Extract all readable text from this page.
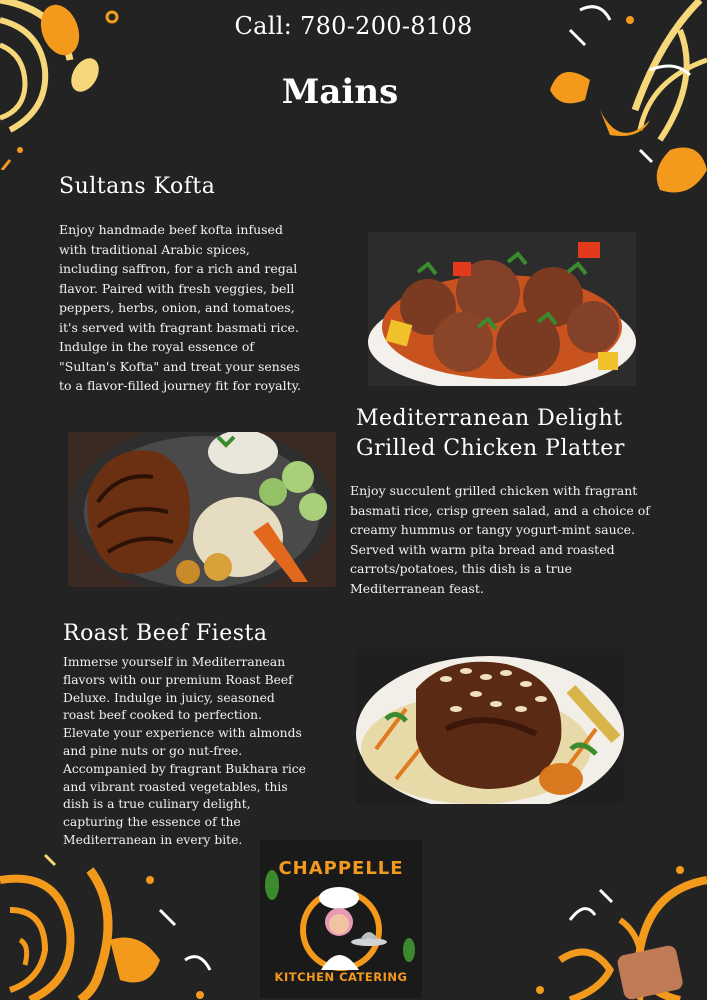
Call: 780-200-8108
Mains
Sultans Kofta
Enjoy handmade beef kofta infused with traditional Arabic spices, including saffron, for a rich and regal flavor. Paired with fresh veggies, bell peppers, herbs, onion, and tomatoes, it's served with fragrant basmati rice. Indulge in the royal essence of "Sultan's Kofta" and treat your senses to a flavor-filled journey fit for royalty.
Mediterranean Delight
Grilled Chicken Platter
Enjoy succulent grilled chicken with fragrant basmati rice, crisp green salad, and a choice of creamy hummus or tangy yogurt-mint sauce. Served with warm pita bread and roasted carrots/potatoes, this dish is a true Mediterranean feast.
Roast Beef Fiesta
Immerse yourself in Mediterranean flavors with our premium Roast Beef Deluxe. Indulge in juicy, seasoned roast beef cooked to perfection. Elevate your experience with almonds and pine nuts or go nut-free. Accompanied by fragrant Bukhara rice and vibrant roasted vegetables, this dish is a true culinary delight, capturing the essence of the Mediterranean in every bite.
CHAPPELLE
KITCHEN CATERING
